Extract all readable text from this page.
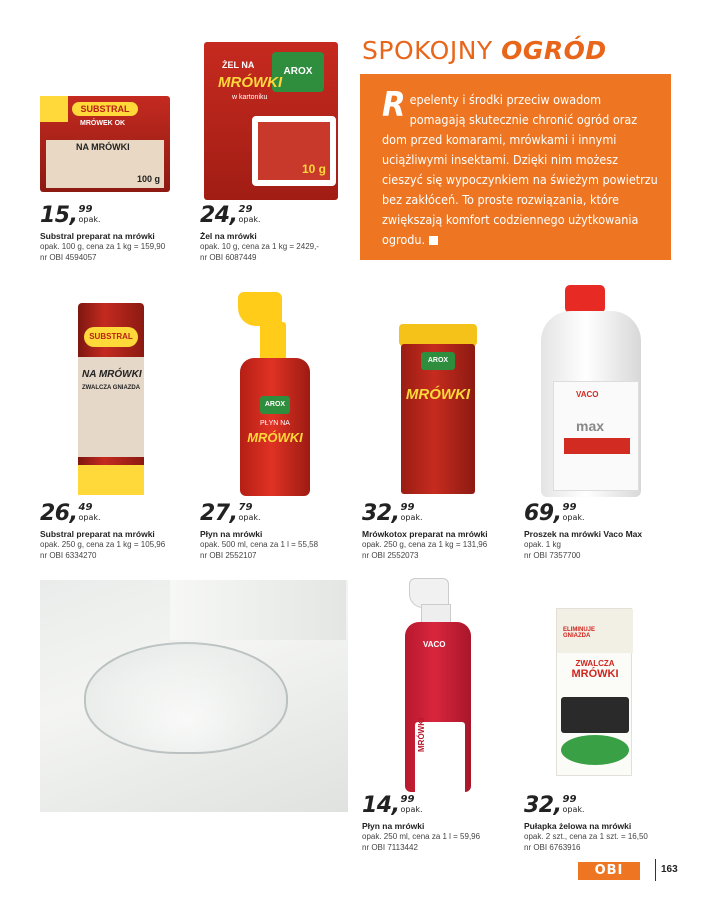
SPOKOJNY OGRÓD
Repelenty i środki przeciw owadom pomagają skutecznie chronić ogród oraz dom przed komarami, mrówkami i innymi uciążliwymi insektami. Dzięki nim możesz cieszyć się wypoczynkiem na świeżym powietrzu bez zakłóceń. To proste rozwiązania, które zwiększają komfort codziennego użytkowania ogrodu.
SUBSTRAL
MRÓWEK OK
NA MRÓWKI
100 g
AROX
ŻEL NA
MRÓWKI
w kartoniku
10 g
SUBSTRAL
NA MRÓWKI
ZWALCZA GNIAZDA
AROX
PŁYN NA
MRÓWKI
AROX
MRÓWKI	VACO
max
VACO
MRÓWKI
ELIMINUJE GNIAZDA
ZWALCZA
MRÓWKI
15, 99
opak.
Substral preparat na mrówki
opak. 100 g, cena za 1 kg = 159,90
nr OBI 4594057
24, 29
opak.
Żel na mrówki
opak. 10 g, cena za 1 kg = 2429,-
nr OBI 6087449
26, 49
opak.
Substral preparat na mrówki
opak. 250 g, cena za 1 kg = 105,96
nr OBI 6334270
27, 79
opak.
Płyn na mrówki
opak. 500 ml, cena za 1 l = 55,58
nr OBI 2552107
32, 99
opak.
Mrówkotox preparat na mrówki
opak. 250 g, cena za 1 kg = 131,96
nr OBI 2552073
69, 99
opak.
Proszek na mrówki Vaco Max
opak. 1 kg
nr OBI 7357700
14, 99
opak.
Płyn na mrówki
opak. 250 ml, cena za 1 l = 59,96
nr OBI 7113442
32, 99
opak.
Pułapka żelowa na mrówki
opak. 2 szt., cena za 1 szt. = 16,50
nr OBI 6763916
OBI	163
